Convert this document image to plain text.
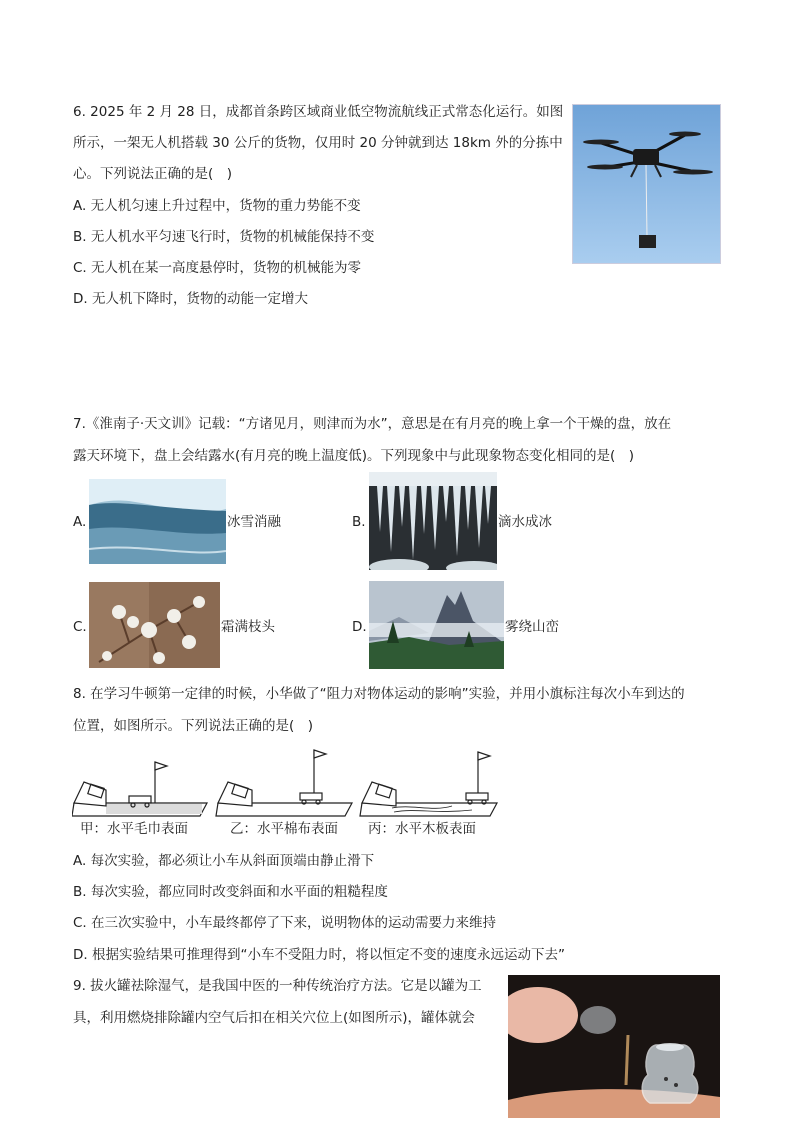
6. 2025 年 2 月 28 日，成都首条跨区域商业低空物流航线正式常态化运行。如图
所示，一架无人机搭载 30 公斤的货物，仅用时 20 分钟就到达 18km 外的分拣中
心。下列说法正确的是(　)
A. 无人机匀速上升过程中，货物的重力势能不变
B. 无人机水平匀速飞行时，货物的机械能保持不变
C. 无人机在某一高度悬停时，货物的机械能为零
D. 无人机下降时，货物的动能一定增大
7.《淮南子·天文训》记载：“方诸见月，则津而为水”，意思是在有月亮的晚上拿一个干燥的盘，放在
露天环境下，盘上会结露水(有月亮的晚上温度低)。下列现象中与此现象物态变化相同的是(　)
A.	冰雪消融	B.	滴水成冰
C.	霜满枝头	D.	雾绕山峦
8. 在学习牛顿第一定律的时候，小华做了“阻力对物体运动的影响”实验，并用小旗标注每次小车到达的
位置，如图所示。下列说法正确的是(　)
甲：水平毛巾表面	乙：水平棉布表面 丙：水平木板表面
A. 每次实验，都必须让小车从斜面顶端由静止滑下
B. 每次实验，都应同时改变斜面和水平面的粗糙程度
C. 在三次实验中，小车最终都停了下来，说明物体的运动需要力来维持
D. 根据实验结果可推理得到“小车不受阻力时，将以恒定不变的速度永远运动下去”
9. 拔火罐祛除湿气，是我国中医的一种传统治疗方法。它是以罐为工
具，利用燃烧排除罐内空气后扣在相关穴位上(如图所示)，罐体就会
